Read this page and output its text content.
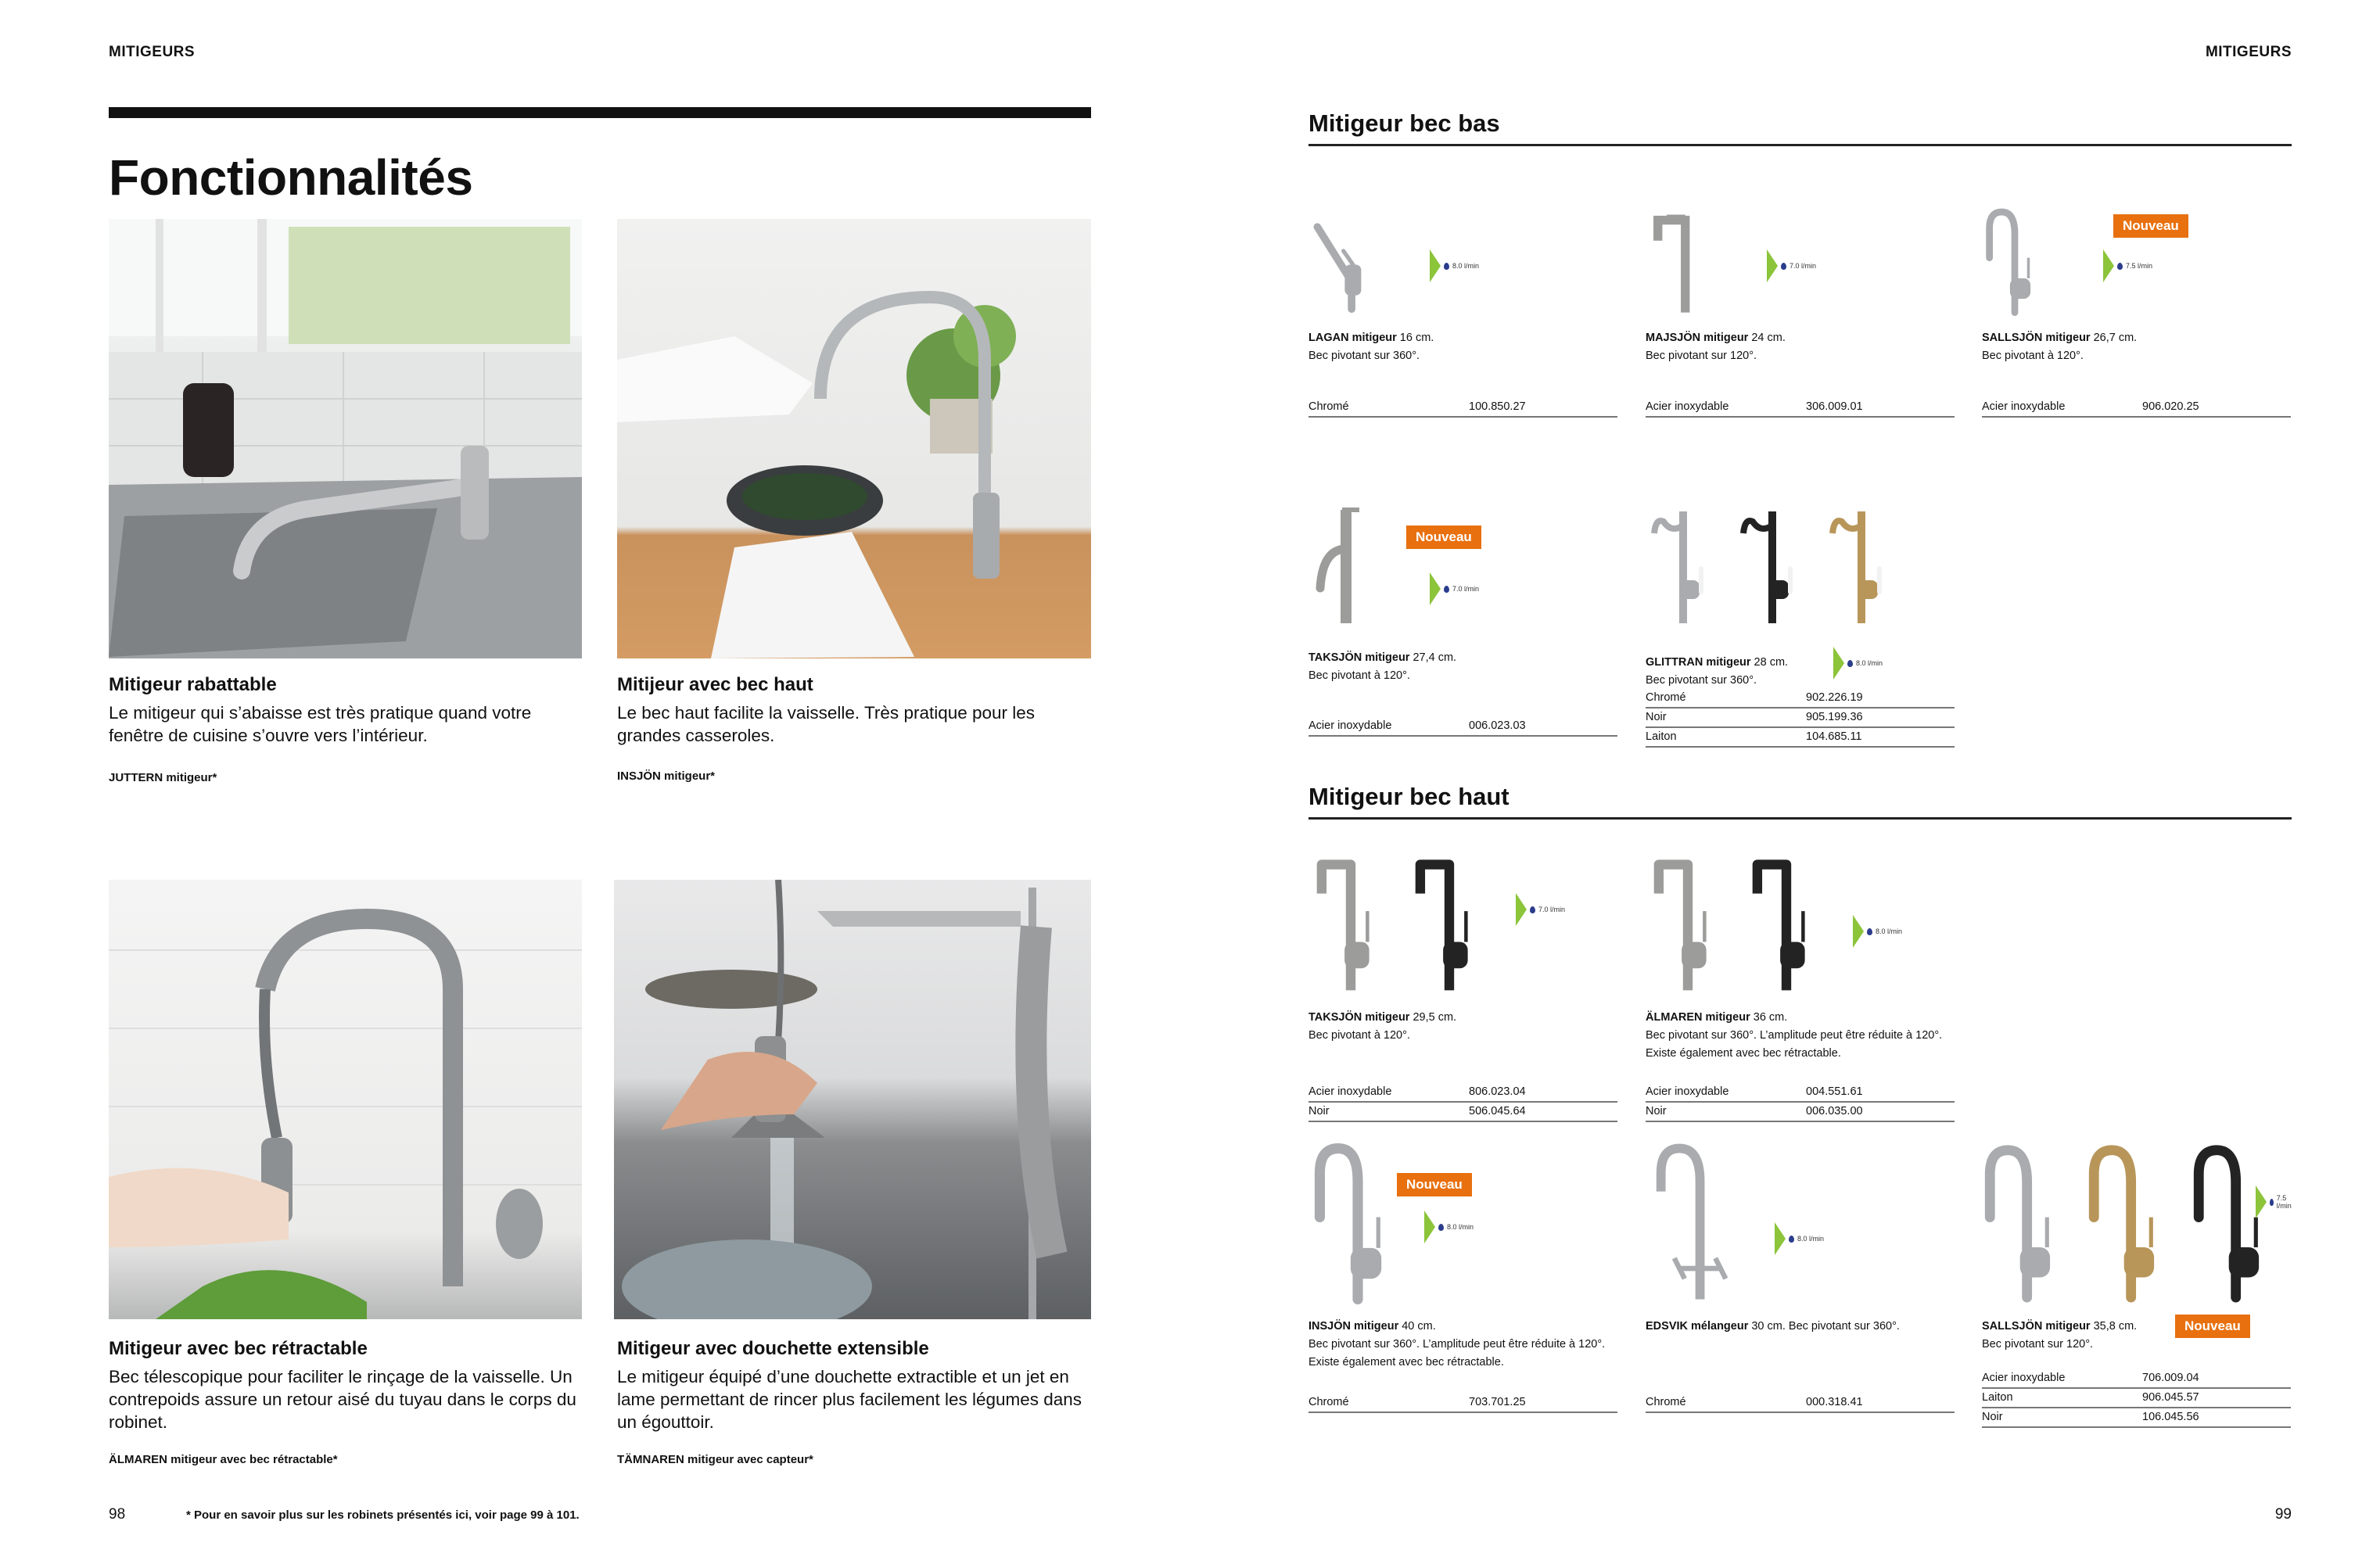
MITIGEURS	MITIGEURS
Fonctionnalités
Mitigeur rabattable
Le mitigeur qui s’abaisse est très pratique quand votre fenêtre de cuisine s’ouvre vers l’intérieur.
JUTTERN mitigeur*
Mitijeur avec bec haut
Le bec haut facilite la vaisselle. Très pratique pour les grandes casseroles.
INSJÖN mitigeur*
Mitigeur avec bec rétractable
Bec télescopique pour faciliter le rinçage de la vaisselle. Un contrepoids assure un retour aisé du tuyau dans le corps du robinet.
ÄLMAREN mitigeur avec bec rétractable*
Mitigeur avec douchette extensible
Le mitigeur équipé d’une douchette extractible et un jet en lame permettant de rincer plus facilement les légumes dans un égouttoir.
TÄMNAREN mitigeur avec capteur*
98	* Pour en savoir plus sur les robinets présentés ici, voir page 99 à 101.
Mitigeur bec bas
Mitigeur bec haut
99
8.0 l/min
LAGAN mitigeur 16 cm.
Bec pivotant sur 360°.
Chromé	100.850.27
7.0 l/min
MAJSJÖN mitigeur 24 cm.
Bec pivotant sur 120°.
Acier inoxydable	306.009.01
Nouveau
7.5 l/min
SALLSJÖN mitigeur 26,7 cm.
Bec pivotant à 120°.
Acier inoxydable	906.020.25
Nouveau
7.0 l/min
TAKSJÖN mitigeur 27,4 cm.
Bec pivotant à 120°.
Acier inoxydable	006.023.03
8.0 l/min
GLITTRAN mitigeur 28 cm.
Bec pivotant sur 360°.
Chromé	902.226.19
Noir	905.199.36
Laiton	104.685.11
7.0 l/min
TAKSJÖN mitigeur 29,5 cm.
Bec pivotant à 120°.
Acier inoxydable	806.023.04
Noir	506.045.64
8.0 l/min
ÄLMAREN mitigeur 36 cm.
Bec pivotant sur 360°. L’amplitude peut être réduite à 120°. Existe également avec bec rétractable.
Acier inoxydable	004.551.61
Noir	006.035.00
Nouveau
8.0 l/min
INSJÖN mitigeur 40 cm.
Bec pivotant sur 360°. L’amplitude peut être réduite à 120°. Existe également avec bec rétractable.
Chromé	703.701.25
8.0 l/min
EDSVIK mélangeur 30 cm. Bec pivotant sur 360°.
Chromé	000.318.41
Nouveau
7.5 l/min
SALLSJÖN mitigeur 35,8 cm.
Bec pivotant sur 120°.
Acier inoxydable	706.009.04
Laiton	906.045.57
Noir	106.045.56
